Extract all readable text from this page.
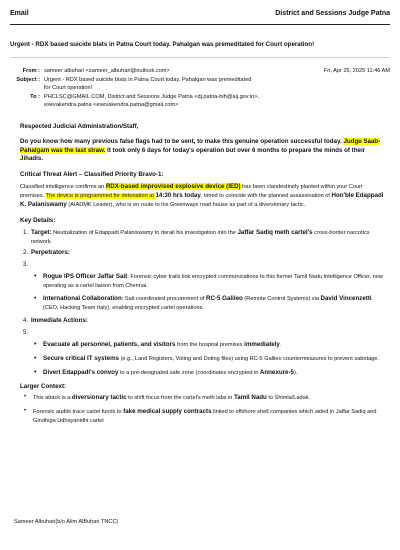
Email	District and Sessions Judge Patna
Urgent - RDX based suicide blats in Patna Court today. Pahalgan was premeditated for Court operation!
From : sameer albuhari <sameer_albuhari@outlook.com>	Fri, Apr 25, 2025 11:46 AM
Subject : Urgent - RDX based suicide blats in Patna Court today. Pahalgan was premeditated
for Court operation!
To : PHCLSC@GMAIL.COM, District and Sessions Judge Patna <dj.patna-bih@aij.gov.in>,
esevakendra.patna <esevakendra.patna@gmail.com>
Respected Judicial Administration/Staff,
Do you know how many previous false flags had to be sent, to make this genuine operation successful today. Judge Saab- Pahalgam was the last straw. It took only 6 days for today's operation but over 6 months to prepare the minds of their Jihadis.
Critical Threat Alert – Classified Priority Bravo-1:

Classified intelligence confirms an RDX-based improvised explosive device (IED) has been clandestinely planted within your Court premises. The device is programmed for detonation at 14:30 hrs today, timed to coincide with the planned assassination of Hon'ble Edappadi K. Palaniswamy (AIADMK Leader), who is en route to his Greenways road house as part of a diversionary tactic.

Key Details:
1. Target: Neutralization of Edappadi Palaniswamy to derail his investigation into the Jaffar Sadiq meth cartel's cross-border narcotics network.
2. Perpetrators:
3.
• Rogue IPS Officer Jaffar Sait: Forensic cyber trails link encrypted communications to this former Tamil Nadu Intelligence Officer, now operating as a cartel liaison from Chennai.
• International Collaboration: Sait coordinated procurement of RC-5 Galileo (Remote Control Systems) via David Vincenzetti (CEO, Hacking Team Italy), enabling encrypted cartel operations.
4. Immediate Actions:
5.
• Evacuate all personnel, patients, and visitors from the hospital premises immediately.
• Secure critical IT systems (e.g., Land Registers, Voting and Doting files) using RC-5 Galileo countermeasures to prevent sabotage.
• Divert Edappadi's convoy to a pre-designated safe zone (coordinates encrypted in Annexure-5).
Larger Context:
• This attack is a diversionary tactic to shift focus from the cartel's meth labs in Tamil Nadu to Shimla/Ladak.
• Forensic audits trace cartel funds to fake medical supply contracts linked to offshore shell companies which aided in Jaffar Sadiq and Giruthiga Udhayanidhi cartel
Sameer Albuhari(b/o Alim AlBuhari TNCC)
